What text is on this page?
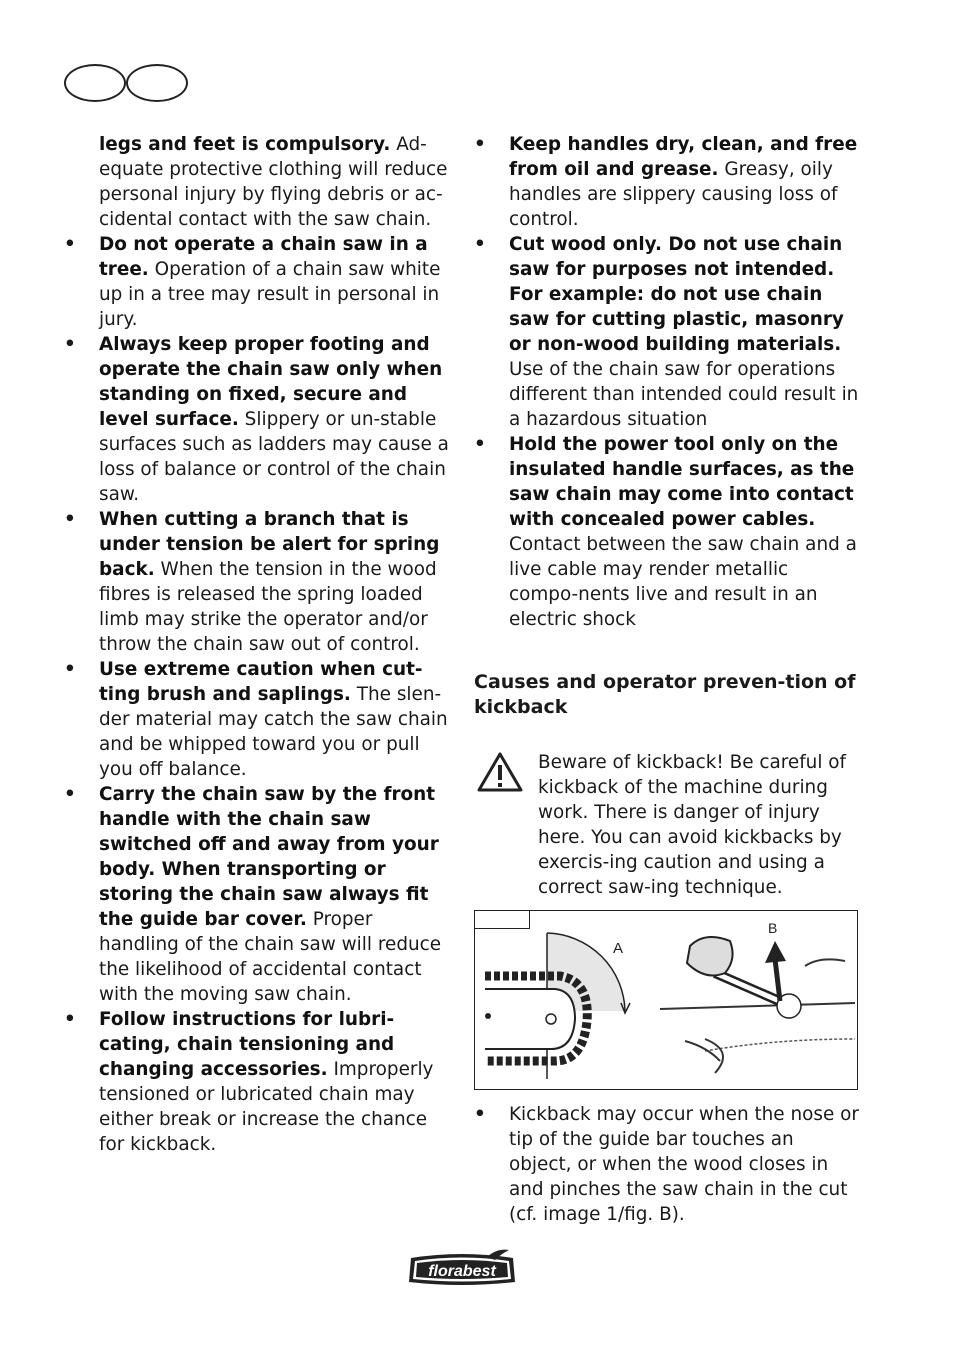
legs and feet is compulsory. Ad-equate protective clothing will reduce personal injury by flying debris or ac-cidental contact with the saw chain.

• Do not operate a chain saw in a tree. Operation of a chain saw white up in a tree may result in personal in jury.

• Always keep proper footing and operate the chain saw only when standing on fixed, secure and level surface. Slippery or un-stable surfaces such as ladders may cause a loss of balance or control of the chain saw.

• When cutting a branch that is under tension be alert for spring back. When the tension in the wood fibres is released the spring loaded limb may strike the operator and/or throw the chain saw out of control.

• Use extreme caution when cut-ting brush and saplings. The slen-der material may catch the saw chain and be whipped toward you or pull you off balance.

• Carry the chain saw by the front handle with the chain saw switched off and away from your body. When transporting or storing the chain saw always fit the guide bar cover. Proper handling of the chain saw will reduce the likelihood of accidental contact with the moving saw chain.

• Follow instructions for lubri-cating, chain tensioning and changing accessories. Improperly tensioned or lubricated chain may either break or increase the chance for kickback.

• Keep handles dry, clean, and free from oil and grease. Greasy, oily handles are slippery causing loss of control.

• Cut wood only. Do not use chain saw for purposes not intended. For example: do not use chain saw for cutting plastic, masonry or non-wood building materials. Use of the chain saw for operations different than intended could result in a hazardous situation

• Hold the power tool only on the insulated handle surfaces, as the saw chain may come into contact with concealed power cables. Contact between the saw chain and a live cable may render metallic compo-nents live and result in an electric shock

Causes and operator preven-tion of kickback
Beware of kickback! Be careful of kickback of the machine during work. There is danger of injury here. You can avoid kickbacks by exercis-ing caution and using a correct saw-ing technique.
A
B

• Kickback may occur when the nose or tip of the guide bar touches an object, or when the wood closes in and pinches the saw chain in the cut
(cf. image 1/fig. B).

florabest
